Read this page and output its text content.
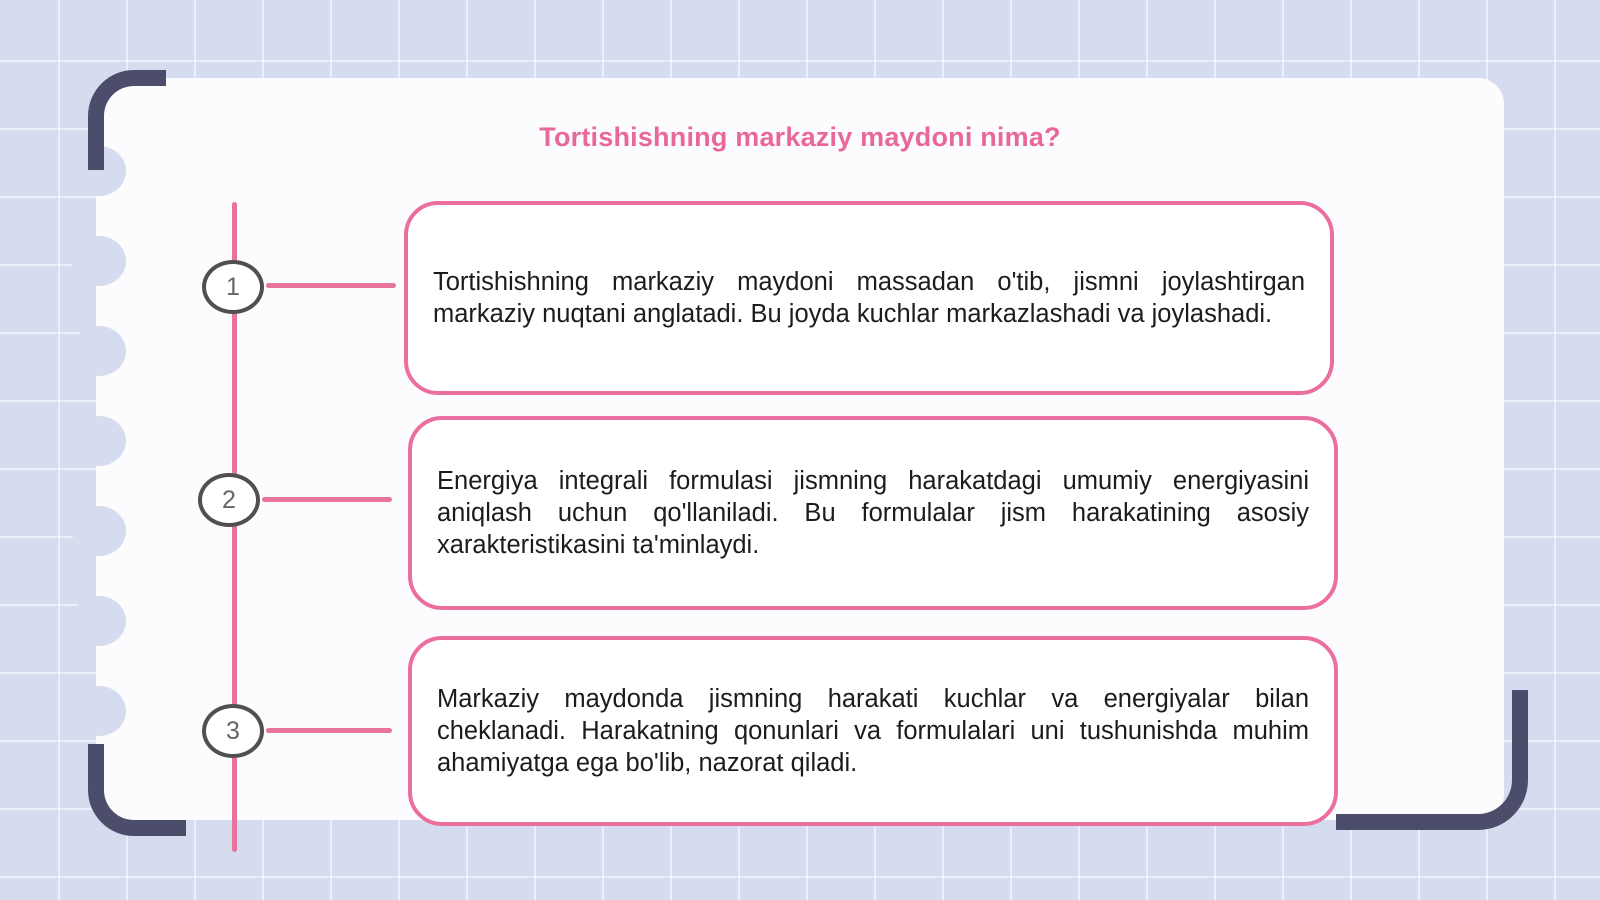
Tortishishning markaziy maydoni nima?
1	Tortishishning markaziy maydoni massadan o'tib, jismni joylashtirgan markaziy nuqtani anglatadi. Bu joyda kuchlar markazlashadi va joylashadi.
2
Energiya integrali formulasi jismning harakatdagi umumiy energiyasini aniqlash uchun qo'llaniladi. Bu formulalar jism harakatining asosiy xarakteristikasini ta'minlaydi.
3
Markaziy maydonda jismning harakati kuchlar va energiyalar bilan cheklanadi. Harakatning qonunlari va formulalari uni tushunishda muhim ahamiyatga ega bo'lib, nazorat qiladi.
